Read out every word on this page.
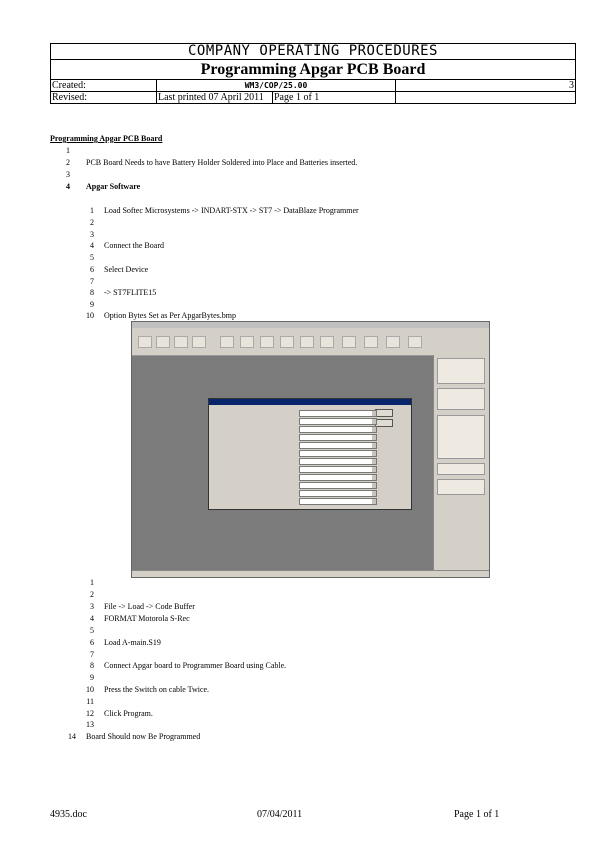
COMPANY OPERATING PROCEDURES			
Programming Apgar PCB Board			
Created:	WM3/COP/25.00		3
Revised:	Last printed 07 April 2011	Page 1 of 1	
Programming Apgar PCB Board
1
2 PCB Board Needs to have Battery Holder Soldered into Place and Batteries inserted.
3
4 Apgar Software
1 Load Softec Microsystems -> INDART-STX -> ST7 -> DataBlaze Programmer
2
3
4 Connect the Board
5
6 Select Device
7
8 -> ST7FLITE15
9
10 Option Bytes Set as Per ApgarBytes.bmp
1
2
3 File -> Load -> Code Buffer
4 FORMAT Motorola S-Rec
5
6 Load A-main.S19
7
8 Connect Apgar board to Programmer Board using Cable.
9
10 Press the Switch on cable Twice.
11
12 Click Program.
13
14 Board Should now Be Programmed
4935.doc	07/04/2011	Page 1 of 1
